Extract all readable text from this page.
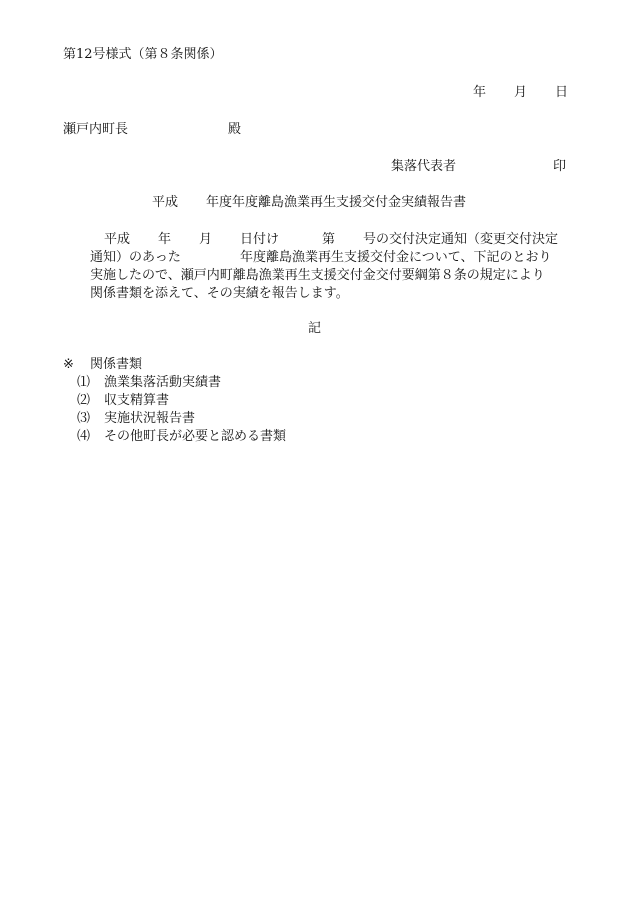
第12号様式（第８条関係）

年 月 日
瀬戸内町長	殿
集落代表者	印
平成 年度年度離島漁業再生支援交付金実績報告書
平成 年 月 日付け	第 号の交付決定通知（変更交付決定
通知）のあった	年度離島漁業再生支援交付金について、下記のとおり
実施したので、瀬戸内町離島漁業再生支援交付金交付要綱第８条の規定により
関係書類を添えて、その実績を報告します。

記

※ 関係書類
⑴ 漁業集落活動実績書
⑵ 収支精算書
⑶ 実施状況報告書
⑷ その他町長が必要と認める書類
